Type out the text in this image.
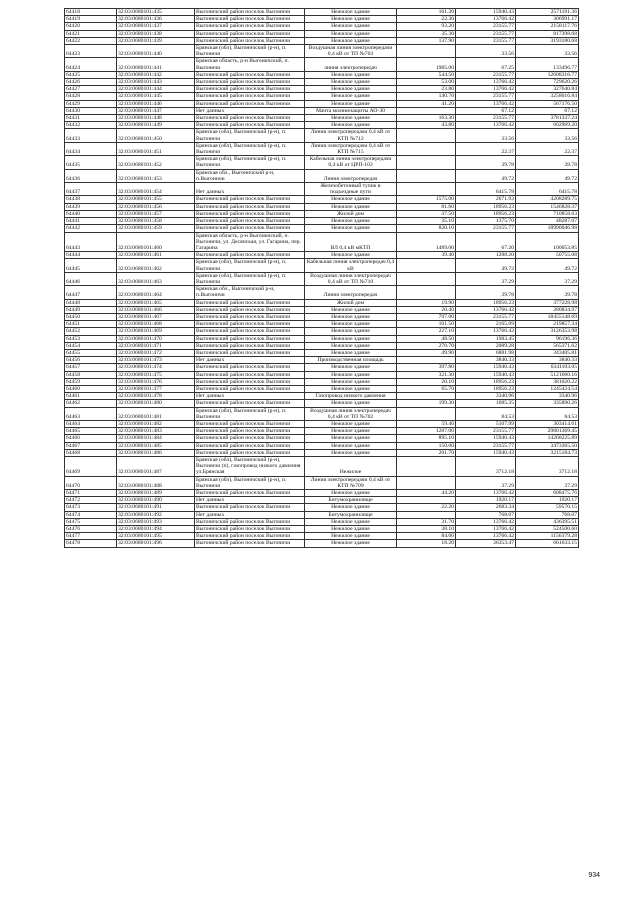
64418	32:03:0680101:435	Выгоничский район поселок Выгоничи	Нежилое здание	161.30	15940.43	2571191.36
64419	32:03:0680101:436	Выгоничский район поселок Выгоничи	Нежилое здание	22.30	13766.42	306991.17
64420	32:03:0680101:437	Выгоничский район поселок Выгоничи	Нежилое здание	93.20	23155.77	2158117.76
64421	32:03:0680101:438	Выгоничский район поселок Выгоничи	Нежилое здание	35.30	23155.77	817398.68
64422	32:03:0680101:439	Выгоничский район поселок Выгоничи	Нежилое здание	137.90	23155.77	3193180.68
64423	32:03:0680101:440	Брянская (обл), Выгоничский (р-н), п. Выгоничи	Воздушная линия электропередачи 0,4 кВ от ТП №703		33.56	33.56
64424	32:03:0680101:441	Брянская область, р-н Выгоничский, п. Выгоничи	линия электропередач	1985.00	67.25	133496.77
64425	32:03:0680101:442	Выгоничский район поселок Выгоничи	Нежилое здание	544.50	23155.77	12608316.77
64426	32:03:0680101:443	Выгоничский район поселок Выгоничи	Нежилое здание	53.00	13766.42	729620.26
64427	32:03:0680101:444	Выгоничский район поселок Выгоничи	Нежилое здание	23.80	13766.42	327640.84
64428	32:03:0680101:445	Выгоничский район поселок Выгоничи	Нежилое здание	140.70	23155.77	3258016.84
64429	32:03:0680101:446	Выгоничский район поселок Выгоничи	Нежилое здание	41.20	13766.42	567176.50
64430	32:03:0680101:447	Нет данных	Мачта молниезащиты АО-30		67.12	67.12
64431	32:03:0680101:448	Выгоничский район поселок Выгоничи	Нежилое здание	163.30	23155.77	3781337.24
64432	32:03:0680101:449	Выгоничский район поселок Выгоничи	Нежилое здание	43.80	13766.42	602969.20
64433	32:03:0680101:450	Брянская (обл), Выгоничский (р-н), п. Выгоничи	Линия электропередачи 0,4 кВ от КТП №712		33.56	33.56
64434	32:03:0680101:451	Брянская (обл), Выгоничский (р-н), п. Выгоничи	Линия электропередачи 0,4 кВ от КТП №715		22.37	22.37
64435	32:03:0680101:452	Брянская (обл), Выгоничский (р-н), п. Выгоничи	Кабельная линия электропередачи 0,4 кВ от ЦРП-103		39.78	39.78
64436	32:03:0680101:453	Брянская обл., Выгоничский р-н, п.Выгоничи	Линия электропередач		49.72	49.72
64437	32:03:0680101:454	Нет данных	Железобетонный тупик в подъездные пути		6415.78	6415.78
64438	32:03:0680101:455	Выгоничский район поселок Выгоничи	Нежилое здание	1575.00	2671.93	4208289.75
64439	32:03:0680101:456	Выгоничский район поселок Выгоничи	Нежилое здание	81.60	18956.23	1546828.37
64440	32:03:0680101:457	Выгоничский район поселок Выгоничи	Жилой дом	37.50	18956.23	710858.63
64441	32:03:0680101:458	Выгоничский район поселок Выгоничи	Нежилое здание	35.10	1375.70	48287.07
64442	32:03:0680101:459	Выгоничский район поселок Выгоничи	Нежилое здание	820.10	23155.77	18990046.98
64443	32:03:0680101:460	Брянская область, р-н Выгоничский, п. Выгоничи, ул. Десянская, ул. Гагарина, пер. Гагарина	ВЛ 0,4 кВ мКТП	1489.00	67.20	100053.85
64444	32:03:0680101:461	Выгоничский район поселок Выгоничи	Нежилое здание	39.40	1288.20	50755.08
64445	32:03:0680101:462	Брянская (обл), Выгоничский (р-н), п. Выгоничи	Кабельная линия электропередач 0,4 кВ		49.72	49.72
64446	32:03:0680101:463	Брянская (обл), Выгоничский (р-н), п. Выгоничи	Воздушная линия электропередач 0,4 кВ от ТП №710		37.29	37.29
64447	32:03:0680101:464	Брянская обл., Выгоничский р-н, п.Выгоничи	Линия электропередач		39.78	39.78
64448	32:03:0680101:465	Выгоничский район поселок Выгоничи	Жилой дом	19.90	18956.23	377228.98
64449	32:03:0680101:466	Выгоничский район поселок Выгоничи	Нежилое здание	20.40	13766.42	280834.97
64450	32:03:0680101:467	Выгоничский район поселок Выгоничи	Нежилое здание	797.00	23155.77	18455148.69
64451	32:03:0680101:468	Выгоничский район поселок Выгоничи	Нежилое здание	101.50	2165.09	219857.34
64452	32:03:0680101:469	Выгоничский район поселок Выгоничи	Нежилое здание	227.10	13766.42	3126353.98
64453	32:03:0680101:470	Выгоничский район поселок Выгоничи	Нежилое здание	48.50	1983.45	96196.36
64454	32:03:0680101:471	Выгоничский район поселок Выгоничи	Нежилое здание	270.70	2089.28	565371.62
64455	32:03:0680101:472	Выгоничский район поселок Выгоничи	Нежилое здание	49.90	6881.98	343405.81
64456	32:03:0680101:473	Нет данных	Производственная площадь		3840.33	3840.33
64457	32:03:0680101:474	Выгоничский район поселок Выгоничи	Нежилое здание	397.80	15940.43	6341103.05
64458	32:03:0680101:475	Выгоничский район поселок Выгоничи	Нежилое здание	321.30	15940.43	5121660.16
64459	32:03:0680101:476	Выгоничский район поселок Выгоничи	Нежилое здание	20.10	18956.23	381020.22
64460	32:03:0680101:477	Выгоничский район поселок Выгоничи	Нежилое здание	65.70	18956.23	1245424.54
64461	32:03:0680101:478	Нет данных	Газопровод низкого давления		3340.96	3340.96
64462	32:03:0680101:480	Выгоничский район поселок Выгоничи	Нежилое здание	199.30	1685.35	335890.26
64463	32:03:0680101:481	Брянская (обл), Выгоничский (р-н), п. Выгоничи	Воздушная линия электропередач 0,4 кВ от ТП №702		84.53	84.53
64464	32:03:0680101:482	Выгоничский район поселок Выгоничи	Нежилое здание	59.40	5107.99	303414.61
64465	32:03:0680101:483	Выгоничский район поселок Выгоничи	Нежилое здание	1287.00	23155.77	29801369.45
64466	32:03:0680101:484	Выгоничский район поселок Выгоничи	Нежилое здание	895.10	15940.43	14268225.89
64467	32:03:0680101:485	Выгоничский район поселок Выгоничи	Нежилое здание	150.00	23155.77	3473365.50
64468	32:03:0680101:486	Выгоничский район поселок Выгоничи	Нежилое здание	201.70	15940.43	3215184.73
64469	32:03:0680101:487	Брянская (обл), Выгоничский (р-н), Выгоничи (п), газопровод низкого давления ул.Брянская	Нежилое		3712.18	3712.18
64470	32:03:0680101:488	Брянская (обл), Выгоничский (р-н), п. Выгоничи	Линия электропередачи 0,4 кВ от КТП №709		37.29	37.29
64471	32:03:0680101:489	Выгоничский район поселок Выгоничи	Нежилое здание	44.20	13766.42	608475.76
64472	32:03:0680101:490	Нет данных	Битумохранилище		1920.17	1920.17
64473	32:03:0680101:491	Выгоничский район поселок Выгоничи	Нежилое здание	22.20	2683.34	59570.15
64474	32:03:0680101:492	Нет данных	Битумохранилище		768.07	768.07
64475	32:03:0680101:493	Выгоничский район поселок Выгоничи	Нежилое здание	31.70	13766.42	436395.51
64476	32:03:0680101:494	Выгоничский район поселок Выгоничи	Нежилое здание	38.10	13766.42	524500.60
64477	32:03:0680101:495	Выгоничский район поселок Выгоничи	Нежилое здание	84.00	13766.42	1156379.28
64478	32:03:0680101:496	Выгоничский район поселок Выгоничи	Нежилое здание	18.20	36353.47	661633.15
934
